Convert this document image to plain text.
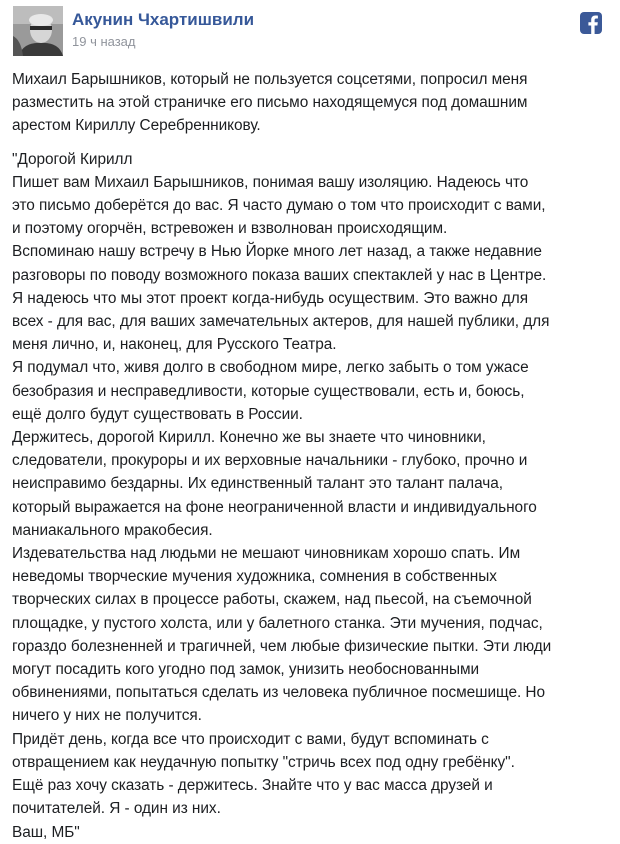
Акунин Чхартишвили
19 ч назад
Михаил Барышников, который не пользуется соцсетями, попросил меня
разместить на этой страничке его письмо находящемуся под домашним
арестом Кириллу Серебренникову.
"Дорогой Кирилл
Пишет вам Михаил Барышников, понимая вашу изоляцию. Надеюсь что
это письмо доберётся до вас. Я часто думаю о том что происходит с вами,
и поэтому огорчён, встревожен и взволнован происходящим.
Вспоминаю нашу встречу в Нью Йорке много лет назад, а также недавние
разговоры по поводу возможного показа ваших спектаклей у нас в Центре.
Я надеюсь что мы этот проект когда-нибудь осуществим. Это важно для
всех - для вас, для ваших замечательных актеров, для нашей публики, для
меня лично, и, наконец, для Русского Театра.
Я подумал что, живя долго в свободном мире, легко забыть о том ужасе
безобразия и несправедливости, которые существовали, есть и, боюсь,
ещё долго будут существовать в России.
Держитесь, дорогой Кирилл. Конечно же вы знаете что чиновники,
следователи, прокуроры и их верховные начальники - глубоко, прочно и
неисправимо бездарны. Их единственный талант это талант палача,
который выражается на фоне неограниченной власти и индивидуального
маниакального мракобесия.
Издевательства над людьми не мешают чиновникам хорошо спать. Им
неведомы творческие мучения художника, сомнения в собственных
творческих силах в процессе работы, скажем, над пьесой, на съемочной
площадке, у пустого холста, или у балетного станка. Эти мучения, подчас,
гораздо болезненней и трагичней, чем любые физические пытки. Эти люди
могут посадить кого угодно под замок, унизить необоснованными
обвинениями, попытаться сделать из человека публичное посмешище. Но
ничего у них не получится.
Придёт день, когда все что происходит с вами, будут вспоминать с
отвращением как неудачную попытку "стричь всех под одну гребёнку".
Ещё раз хочу сказать - держитесь. Знайте что у вас масса друзей и
почитателей. Я - один из них.
Ваш, МБ"
